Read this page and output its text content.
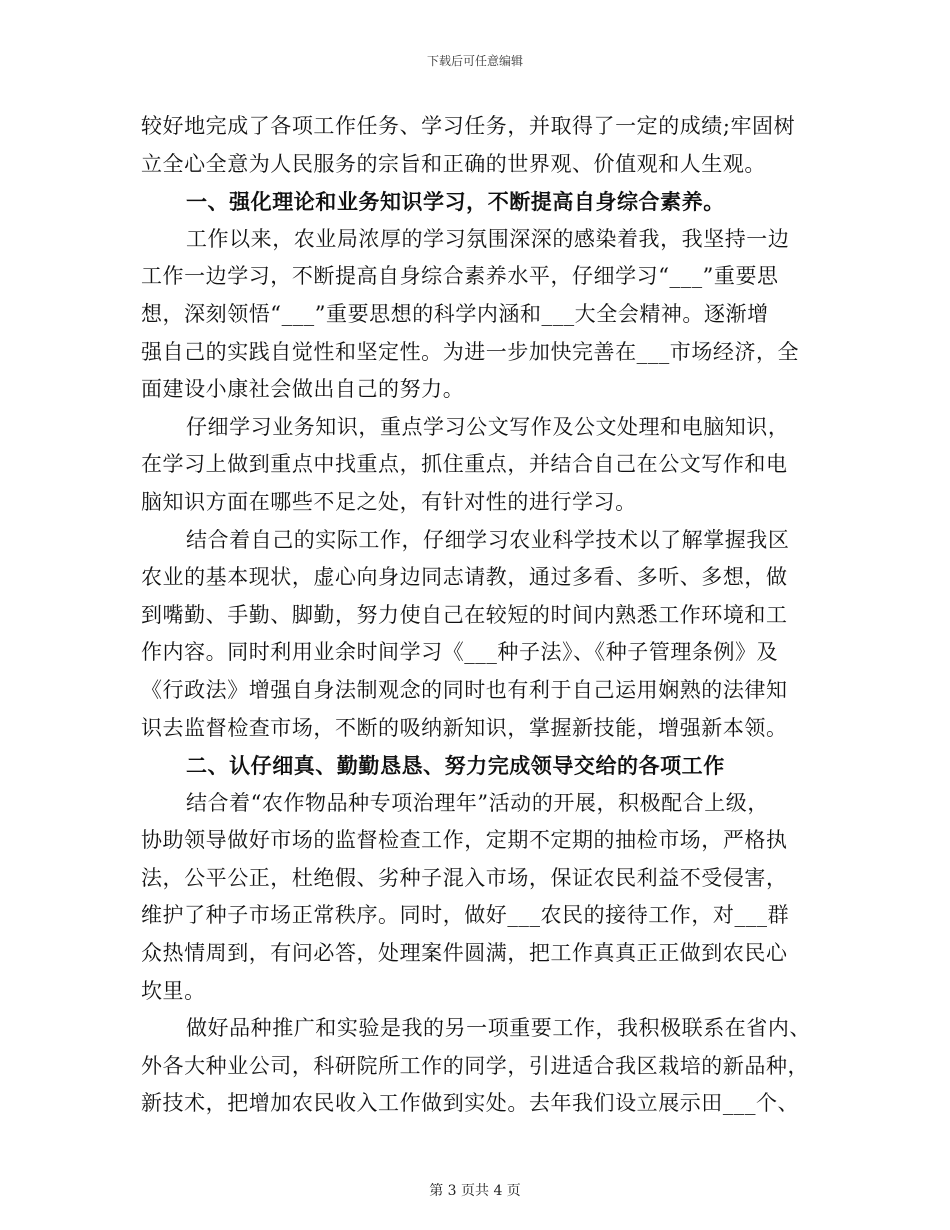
下载后可任意编辑
较好地完成了各项工作任务、学习任务，并取得了一定的成绩;牢固树
立全心全意为人民服务的宗旨和正确的世界观、价值观和人生观。
一、强化理论和业务知识学习，不断提高自身综合素养。
工作以来，农业局浓厚的学习氛围深深的感染着我，我坚持一边
工作一边学习，不断提高自身综合素养水平，仔细学习“___”重要思
想，深刻领悟“___”重要思想的科学内涵和___大全会精神。逐渐增
强自己的实践自觉性和坚定性。为进一步加快完善在___市场经济，全
面建设小康社会做出自己的努力。
仔细学习业务知识，重点学习公文写作及公文处理和电脑知识，
在学习上做到重点中找重点，抓住重点，并结合自己在公文写作和电
脑知识方面在哪些不足之处，有针对性的进行学习。
结合着自己的实际工作，仔细学习农业科学技术以了解掌握我区
农业的基本现状，虚心向身边同志请教，通过多看、多听、多想，做
到嘴勤、手勤、脚勤，努力使自己在较短的时间内熟悉工作环境和工
作内容。同时利用业余时间学习《___种子法》、《种子管理条例》及
《行政法》增强自身法制观念的同时也有利于自己运用娴熟的法律知
识去监督检查市场，不断的吸纳新知识，掌握新技能，增强新本领。
二、认仔细真、勤勤恳恳、努力完成领导交给的各项工作
结合着“农作物品种专项治理年”活动的开展，积极配合上级，
协助领导做好市场的监督检查工作，定期不定期的抽检市场，严格执
法，公平公正，杜绝假、劣种子混入市场，保证农民利益不受侵害，
维护了种子市场正常秩序。同时，做好___农民的接待工作，对___群
众热情周到，有问必答，处理案件圆满，把工作真真正正做到农民心
坎里。
做好品种推广和实验是我的另一项重要工作，我积极联系在省内、
外各大种业公司，科研院所工作的同学，引进适合我区栽培的新品种，
新技术，把增加农民收入工作做到实处。去年我们设立展示田___个、
第 3 页共 4 页
